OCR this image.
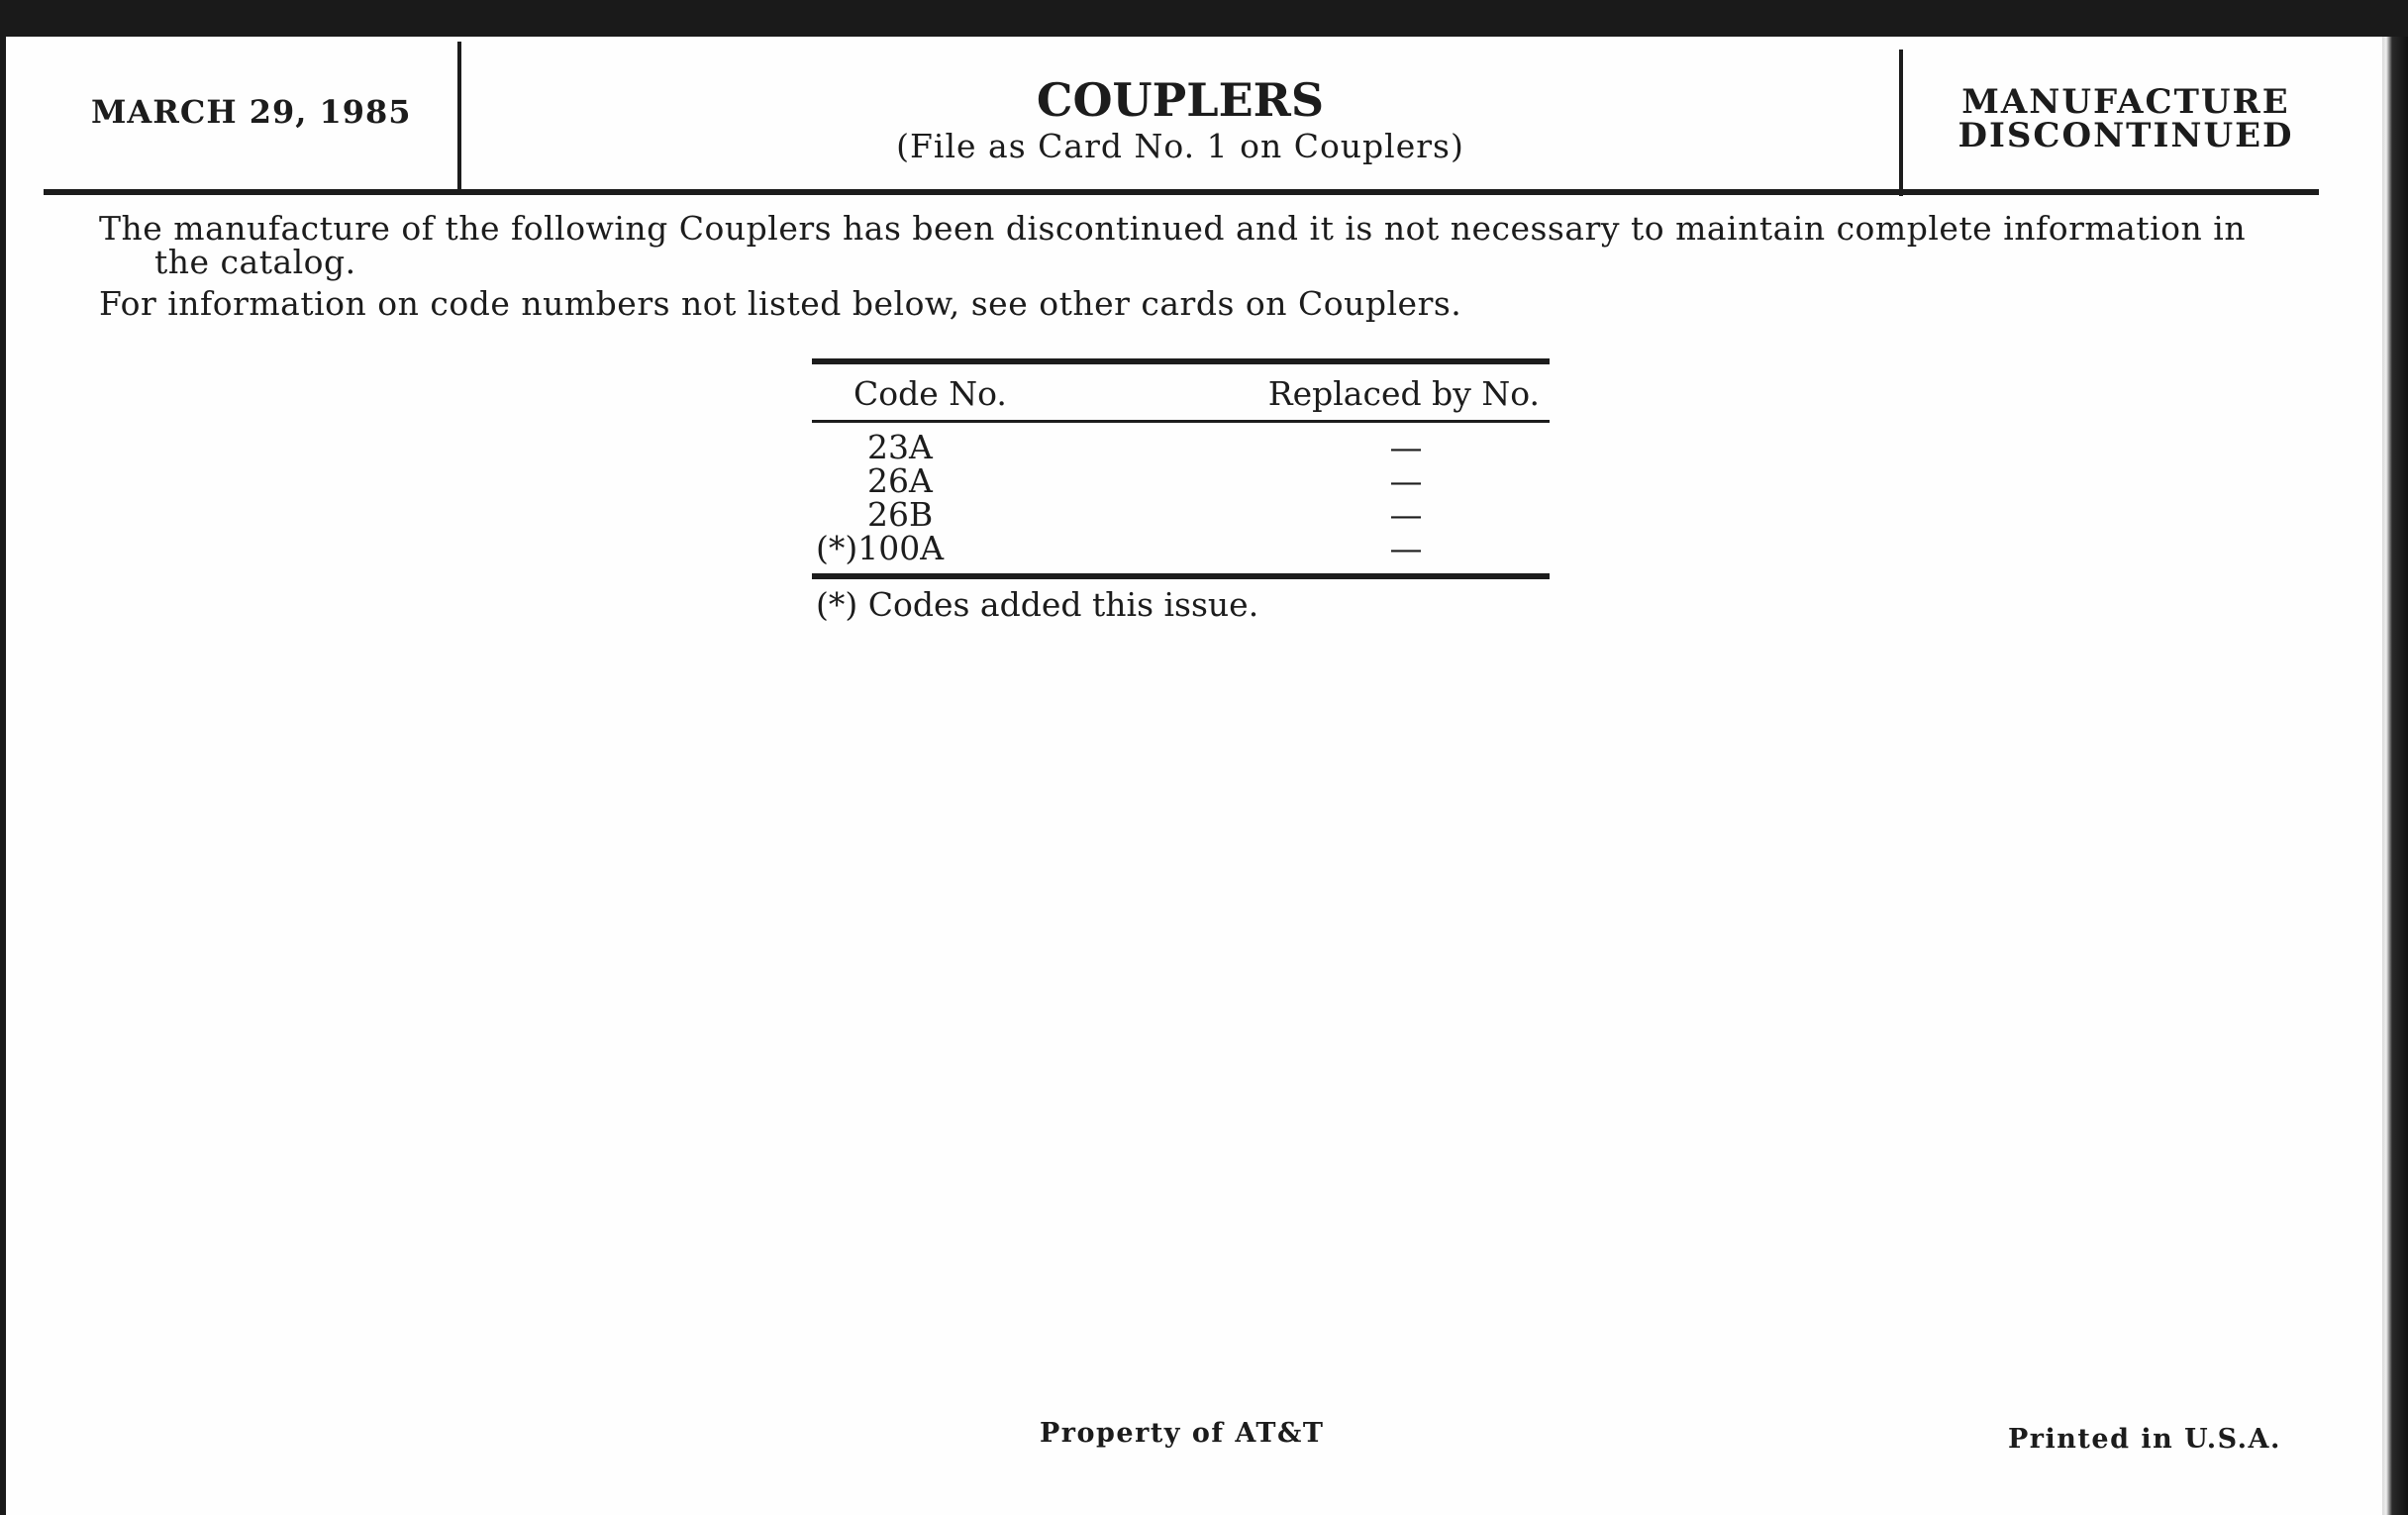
MARCH 29, 1985	COUPLERS
(File as Card No. 1 on Couplers)
MANUFACTURE
DISCONTINUED
The manufacture of the following Couplers has been discontinued and it is not necessary to maintain complete information in
the catalog.
For information on code numbers not listed below, see other cards on Couplers.
Code No.	Replaced by No.
23A	—
26A	—
26B	—
(*)100A	—
(*) Codes added this issue.
Property of AT&T	Printed in U.S.A.
